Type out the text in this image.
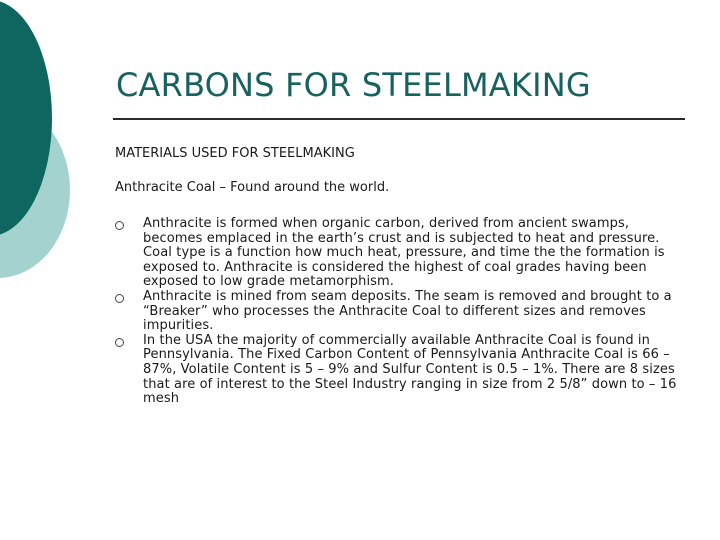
CARBONS FOR STEELMAKING
MATERIALS USED FOR STEELMAKING
Anthracite Coal – Found around the world.
Anthracite is formed when organic carbon, derived from ancient swamps, becomes emplaced in the earth’s crust and is subjected to heat and pressure. Coal type is a function how much heat, pressure, and time the the formation is exposed to. Anthracite is considered the highest of coal grades having been exposed to low grade metamorphism.
Anthracite is mined from seam deposits. The seam is removed and brought to a “Breaker” who processes the Anthracite Coal to different sizes and removes impurities.
In the USA the majority of commercially available Anthracite Coal is found in Pennsylvania. The Fixed Carbon Content of Pennsylvania Anthracite Coal is 66 – 87%, Volatile Content is 5 – 9% and Sulfur Content is 0.5 – 1%. There are 8 sizes that are of interest to the Steel Industry ranging in size from 2 5/8” down to – 16 mesh
